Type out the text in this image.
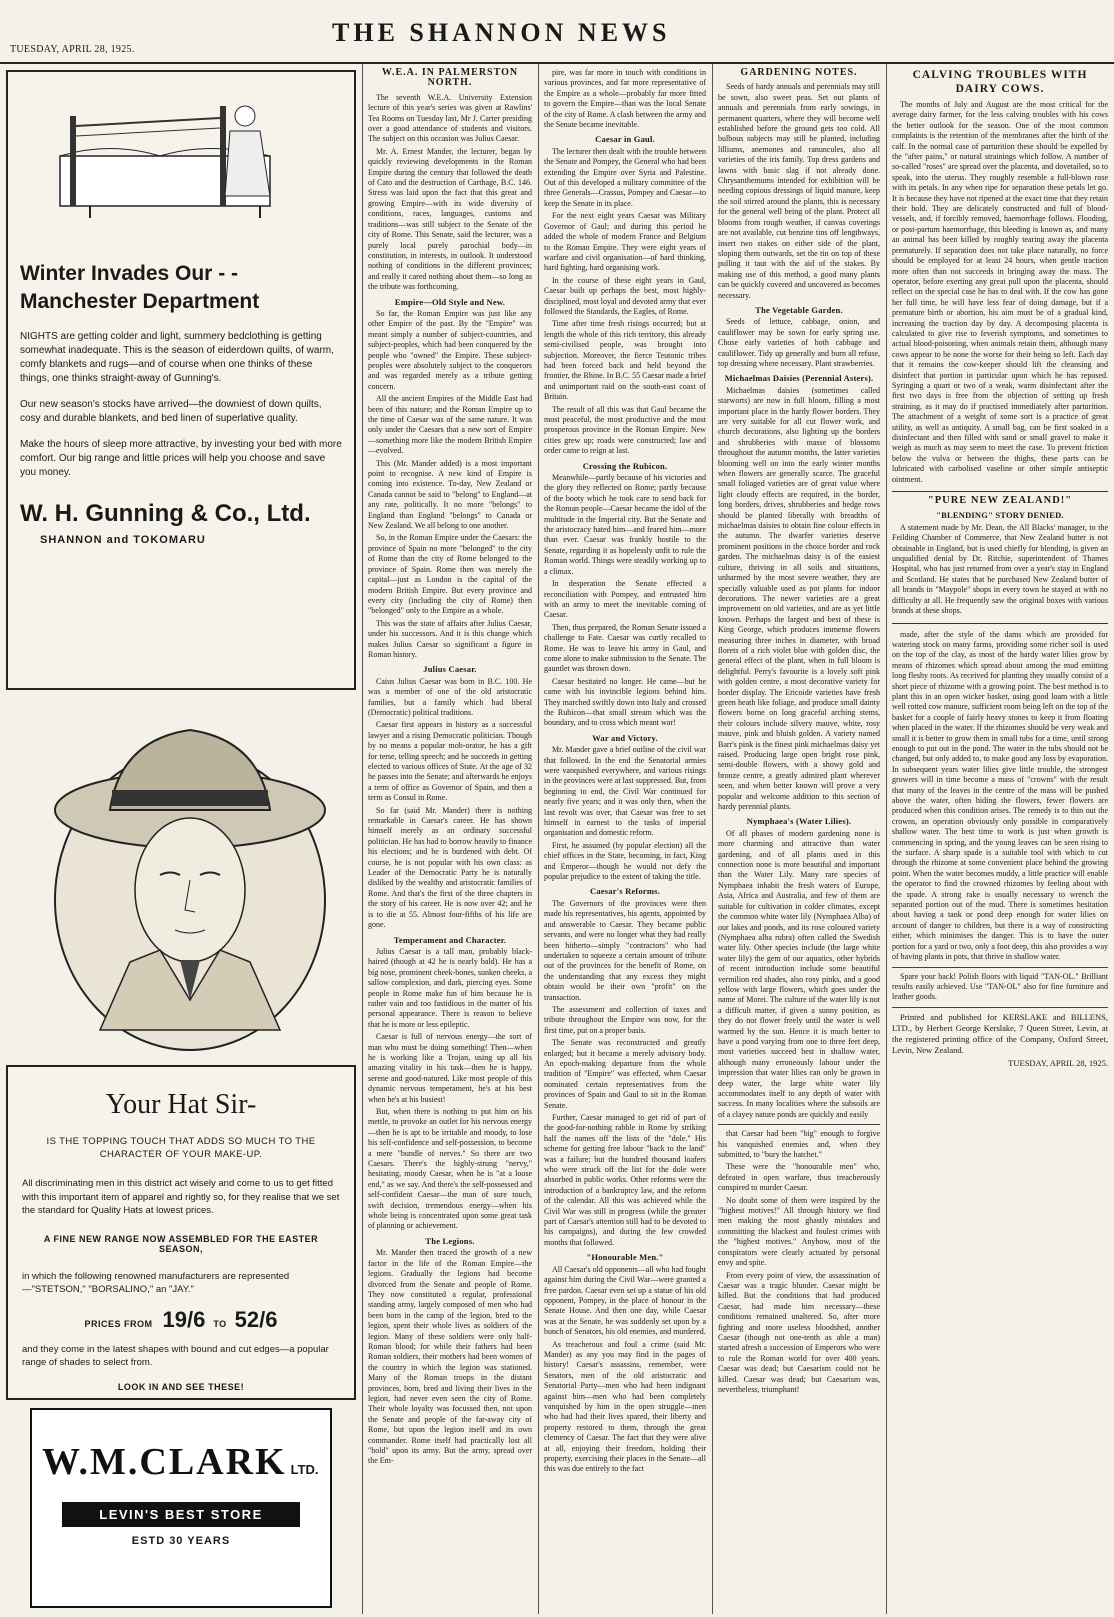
TUESDAY, APRIL 28, 1925.
THE SHANNON NEWS
Winter Invades Our - - Manchester Department
NIGHTS are getting colder and light, summery bedclothing is getting somewhat inadequate. This is the season of eiderdown quilts, of warm, comfy blankets and rugs—and of course when one thinks of these things, one thinks straight-away of Gunning's.
Our new season's stocks have arrived—the downiest of down quilts, cosy and durable blankets, and bed linen of superlative quality.
Make the hours of sleep more attractive, by investing your bed with more comfort. Our big range and little prices will help you choose and save you money.
W. H. Gunning & Co., Ltd.
SHANNON and TOKOMARU
Your Hat Sir-
IS THE TOPPING TOUCH THAT ADDS SO MUCH TO THE CHARACTER OF YOUR MAKE-UP.
All discriminating men in this district act wisely and come to us to get fitted with this important item of apparel and rightly so, for they realise that we set the standard for Quality Hats at lowest prices.
A FINE NEW RANGE NOW ASSEMBLED FOR THE EASTER SEASON,
in which the following renowned manufacturers are represented—"STETSON," "BORSALINO," an "JAY."
PRICES FROM 19/6 TO 52/6
and they come in the latest shapes with bound and cut edges—a popular range of shades to select from.
LOOK IN AND SEE THESE!
W.M.CLARK LTD.
LEVIN'S BEST STORE
ESTD 30 YEARS
W.E.A. IN PALMERSTON NORTH.

The seventh W.E.A. University Extension lecture of this year's series was given at Rawlins' Tea Rooms on Tuesday last, Mr J. Carter presiding over a good attendance of students and visitors. The subject on this occasion was Julius Caesar.

Mr. A. Ernest Mander, the lecturer, began by quickly reviewing developments in the Roman Empire during the century that followed the death of Cato and the destruction of Carthage, B.C. 146. Stress was laid upon the fact that this great and growing Empire—with its wide diversity of conditions, races, languages, customs and traditions—was still subject to the Senate of the city of Rome. This Senate, said the lecturer, was a purely local purely parochial body—in constitution, in interests, in outlook. It understood nothing of conditions in the different provinces; and really it cared nothing about them—so long as the tribute was forthcoming.

Empire—Old Style and New.

So far, the Roman Empire was just like any other Empire of the past. By the "Empire" was meant simply a number of subject-countries, and subject-peoples, which had been conquered by the people who "owned" the Empire. These subject-peoples were absolutely subject to the conquerors and was regarded merely as a tribute getting concern.

All the ancient Empires of the Middle East had been of this nature; and the Roman Empire up to the time of Caesar was of the same nature. It was only under the Caesars that a new sort of Empire—something more like the modern British Empire—evolved.

This (Mr. Mander added) is a most important point to recognise. A new kind of Empire is coming into existence. To-day, New Zealand or Canada cannot be said to "belong" to England—at any rate, politically. It no more "belongs" to England than England "belongs" to Canada or New Zealand. We all belong to one another.

So, in the Roman Empire under the Caesars: the province of Spain no more "belonged" to the city of Rome than the city of Rome belonged to the province of Spain. Rome then was merely the capital—just as London is the capital of the modern British Empire. But every province and every city (including the city of Rome) then "belonged" only to the Empire as a whole.

This was the state of affairs after Julius Caesar, under his successors. And it is this change which makes Julius Caesar so significant a figure in Roman history.

Julius Caesar.

Caius Julius Caesar was born in B.C. 100. He was a member of one of the old aristocratic families, but a family which had liberal (Democratic) political traditions.

Caesar first appears in history as a successful lawyer and a rising Democratic politician. Though by no means a popular mob-orator, he has a gift for terse, telling speech; and he succeeds in getting elected to various offices of State. At the age of 32 he passes into the Senate; and afterwards he enjoys a term of office as Governor of Spain, and then a term as Consul in Rome.

So far (said Mr. Mander) there is nothing remarkable in Caesar's career. He has shown himself merely as an ordinary successful politician. He has had to borrow heavily to finance his elections; and he is burdened with debt. Of course, he is not popular with his own class: as Leader of the Democratic Party he is naturally disliked by the wealthy and aristocratic families of Rome. And that's the first of the three chapters in the story of his career. He is now over 42; and he is to die at 55. Almost four-fifths of his life are gone.

Temperament and Character.

Julius Caesar is a tall man, probably black-haired (though at 42 he is nearly bald). He has a big nose, prominent cheek-bones, sunken cheeks, a sallow complexion, and dark, piercing eyes. Some people in Rome make fun of him because he is rather vain and too fastidious in the matter of his personal appearance. There is reason to believe that he is more or less epileptic.

Caesar is full of nervous energy—the sort of man who must be doing something! Then—when he is working like a Trojan, using up all his amazing vitality in his task—then he is happy, serene and good-natured. Like most people of this dynamic nervous temperament, he's at his best when he's at his busiest!

But, when there is nothing to put him on his mettle, to provoke an outlet for his nervous energy—then he is apt to be irritable and moody, to lose his self-confidence and self-possession, to become a mere "bundle of nerves." So there are two Caesars. There's the highly-strung "nervy," hesitating, moody Caesar, when he is "at a loose end," as we say. And there's the self-possessed and self-confident Caesar—the man of sure touch, swift decision, tremendous energy—when his whole being is concentrated upon some great task of planning or achievement.

The Legions.

Mr. Mander then traced the growth of a new factor in the life of the Roman Empire—the legions. Gradually the legions had become divorced from the Senate and people of Rome. They now constituted a regular, professional standing army, largely composed of men who had been born in the camp of the legion, bred to the legion, spent their whole lives as soldiers of the legion. Many of these soldiers were only half-Roman blood; for while their fathers had been Roman soldiers, their mothers had been women of the country in which the legion was stationed. Many of the Roman troops in the distant provinces, born, bred and living their lives in the legion, had never even seen the city of Rome. Their whole loyalty was focussed then, not upon the Senate and people of the far-away city of Rome, but upon the legion itself and its own commander. Rome itself had practically lost all "hold" upon its army. But the army, spread over the Em-

pire, was far more in touch with conditions in various provinces, and far more representative of the Empire as a whole—probably far more fitted to govern the Empire—than was the local Senate of the city of Rome. A clash between the army and the Senate became inevitable.

Caesar in Gaul.

The lecturer then dealt with the trouble between the Senate and Pompey, the General who had been extending the Empire over Syria and Palestine. Out of this developed a military committee of the three Generals—Crassus, Pompey and Caesar—to keep the Senate in its place.

For the next eight years Caesar was Military Governor of Gaul; and during this period he added the whole of modern France and Belgium to the Roman Empire. They were eight years of warfare and civil organisation—of hard thinking, hard fighting, hard organising work.

In the course of these eight years in Gaul, Caesar built up perhaps the best, most highly-disciplined, most loyal and devoted army that ever followed the Standards, the Eagles, of Rome.

Time after time fresh risings occurred; but at length the whole of this rich territory, this already semi-civilised people, was brought into subjection. Moreover, the fierce Teutonic tribes had been forced back and held beyond the frontier, the Rhine. In B.C. 55 Caesar made a brief and unimportant raid on the south-east coast of Britain.

The result of all this was that Gaul became the most peaceful, the most productive and the most prosperous province in the Roman Empire. New cities grew up; roads were constructed; law and order came to reign at last.

Crossing the Rubicon.

Meanwhile—partly because of his victories and the glory they reflected on Rome; partly because of the booty which he took care to send back for the Roman people—Caesar became the idol of the multitude in the Imperial city. But the Senate and the aristocracy hated him—and feared him—more than ever. Caesar was frankly hostile to the Senate, regarding it as hopelessly unfit to rule the Roman world. Things were steadily working up to a climax.

In desperation the Senate effected a reconciliation with Pompey, and entrusted him with an army to meet the inevitable coming of Caesar.

Then, thus prepared, the Roman Senate issued a challenge to Fate. Caesar was curtly recalled to Rome. He was to leave his army in Gaul, and come alone to make submission to the Senate. The gauntlet was thrown down.

Caesar hesitated no longer. He came—but he came with his invincible legions behind him. They marched swiftly down into Italy and crossed the Rubicon—that small stream which was the boundary, and to cross which meant war!

War and Victory.

Mr. Mander gave a brief outline of the civil war that followed. In the end the Senatorial armies were vanquished everywhere, and various risings in the provinces were at last suppressed. But, from beginning to end, the Civil War continued for nearly five years; and it was only then, when the last revolt was over, that Caesar was free to set himself in earnest to the tasks of imperial organisation and domestic reform.

First, he assumed (by popular election) all the chief offices in the State, becoming, in fact, King and Emperor—though he would not defy the popular prejudice to the extent of taking the title.

Caesar's Reforms.

The Governors of the provinces were then made his representatives, his agents, appointed by and answerable to Caesar. They became public servants, and were no longer what they had really been hitherto—simply "contractors" who had undertaken to squeeze a certain amount of tribute out of the provinces for the benefit of Rome, on the understanding that any excess they might obtain would be their own "profit" on the transaction.

The assessment and collection of taxes and tribute throughout the Empire was now, for the first time, put on a proper basis.

The Senate was reconstructed and greatly enlarged; but it became a merely advisory body. An epoch-making departure from the whole tradition of "Empire" was effected, when Caesar nominated certain representatives from the provinces of Spain and Gaul to sit in the Roman Senate.

Further, Caesar managed to get rid of part of the good-for-nothing rabble in Rome by striking half the names off the lists of the "dole." His scheme for getting free labour "back to the land" was a failure; but the hundred thousand loafers who were struck off the list for the dole were absorbed in public works. Other reforms were the introduction of a bankruptcy law, and the reform of the calendar. All this was achieved while the Civil War was still in progress (while the greater part of Caesar's attention still had to be devoted to his campaigns), and during the few crowded months that followed.

"Honourable Men."

All Caesar's old opponents—all who had fought against him during the Civil War—were granted a free pardon. Caesar even set up a statue of his old opponent, Pompey, in the place of honour in the Senate House. And then one day, while Caesar was at the Senate, he was suddenly set upon by a bunch of Senators, his old enemies, and murdered.

As treacherous and foul a crime (said Mr. Mander) as any you may find in the pages of history! Caesar's assassins, remember, were Senators, men of the old aristocratic and Senatorial Party—men who had been indignant against him—men who had been completely vanquished by him in the open struggle—men who had had their lives spared, their liberty and property restored to them, through the great clemency of Caesar. The fact that they were alive at all, enjoying their freedom, holding their property, exercising their places in the Senate—all this was due entirely to the fact

GARDENING NOTES.

Seeds of hardy annuals and perennials may still be sown, also sweet peas. Set out plants of annuals and perennials from early sowings, in permanent quarters, where they will become well established before the ground gets too cold. All bulbous subjects may still be planted, including lilliums, anemones and ranuncules, also all varieties of the iris family. Top dress gardens and lawns with basic slag if not already done. Chrysanthemums intended for exhibition will be needing copious dressings of liquid manure, keep the soil stirred around the plants, this is necessary for the general well being of the plant. Protect all blooms from rough weather, if canvas coverings are not available, cut benzine tins off lengthways, insert two stakes on either side of the plant, sloping them outwards, set the tin on top of these pulling it taut with the aid of the stakes. By making use of this method, a good many plants can be quickly covered and uncovered as becomes necessary.

The Vegetable Garden.

Seeds of lettuce, cabbage, onion, and cauliflower may be sown for early spring use. Chose early varieties of both cabbage and cauliflower. Tidy up generally and burn all refuse, top dressing where necessary. Plant strawberries.

Michaelmas Daisies (Perennial Asters).

Michaelmas daisies (sometimes called starworts) are now in full bloom, filling a most important place in the hardy flower borders. They are very suitable for all cut flower work, and church decorations, also lighting up the borders and shrubberies with masse of blossoms throughout the autumn months, the latter varieties blooming well on into the early winter months when flowers are generally scarce. The graceful small foliaged varieties are of great value where light cloudy effects are required, in the border, long borders, drives, shrubberies and hedge rows should be planted liberally with breadths of michaelmas daisies to obtain fine colour effects in the autumn. The dwarfer varieties deserve prominent positions in the choice border and rock garden. The michaelmas daisy is of the easiest culture, thriving in all soils and situations, unharmed by the most severe weather, they are specially valuable used as pot plants for indoor decorations. The newer varieties are a great improvement on old varieties, and are as yet little known. Perhaps the largest and best of these is King George, which produces immense flowers measuring three inches in diameter, with broad florets of a rich violet blue with golden disc, the general effect of the plant, when in full bloom is delightful. Perry's favourite is a lovely soft pink with golden centre, a most decorative variety for border display. The Ericoide varieties have fresh green heath like foliage, and produce small dainty flowers borne on long graceful arching stems, their colours include silvery mauve, white, rosy mauve, pink and bluish golden. A variety named Barr's pink is the finest pink michaelmas daisy yet raised. Producing large open bright rose pink, semi-double flowers, with a showy gold and bronze centre, a greatly admired plant wherever seen, and when better known will prove a very popular and welcome addition to this section of hardy perennial plants.

Nymphaea's (Water Lilies).

Of all phases of modern gardening none is more charming and attractive than water gardening, and of all plants used in this connection none is more beautiful and important than the Water Lily. Many rare species of Nymphaea inhabit the fresh waters of Europe, Asia, Africa and Australia, and few of them are suitable for cultivation in colder climates, except the common white water lily (Nymphaea Alba) of our lakes and ponds, and its rose coloured variety (Nymphaea alba rubra) often called the Swedish water lily. Other species include (the large white water lily) the gem of our aquatics, other hybrids of recent introduction include some beautiful vermilion red shades, also rosy pinks, and a good yellow with large flowers, which goes under the name of Morei. The culture of the water lily is not a difficult matter, if given a sunny position, as they do not flower freely until the water is well warmed by the sun. Hence it is much better to have a pond varying from one to three feet deep, most varieties succeed best in shallow water, although many erroneously labour under the impression that water lilies can only be grown in deep water, the large white water lily accommodates itself to any depth of water with success. In many localities where the subsoils are of a clayey nature ponds are quickly and easily

that Caesar had been "big" enough to forgive his vanquished enemies and, when they submitted, to "bury the hatchet."

These were the "honourable men" who, defeated in open warfare, thus treacherously conspired to murder Caesar.

No doubt some of them were inspired by the "highest motives!" All through history we find men making the most ghastly mistakes and committing the blackest and foulest crimes with the "highest motives." Anyhow, most of the conspirators were clearly actuated by personal envy and spite.

From every point of view, the assassination of Caesar was a tragic blunder. Caesar might be killed. But the conditions that had produced Caesar, had made him necessary—these conditions remained unaltered. So, after more fighting and more useless bloodshed, another Caesar (though not one-tenth as able a man) started afresh a succession of Emperors who were to rule the Roman world for over 400 years. Caesar was dead; but Caesarism could not be killed. Caesar was dead; but Caesarism was, nevertheless, triumphant!

CALVING TROUBLES WITH DAIRY COWS.

The months of July and August are the most critical for the average dairy farmer, for the less calving troubles with his cows the better outlook for the season. One of the most common complaints is the retention of the membranes after the birth of the calf. In the normal case of parturition these should be expelled by the "after pains," or natural strainings which follow. A number of so-called "roses" are spread over the placenta, and dovetailed, so to speak, into the uterus. They roughly resemble a full-blown rose with its petals. In any when ripe for separation these petals let go. It is because they have not ripened at the exact time that they retain their hold. They are delicately constructed and full of blood-vessels, and, if forcibly removed, haemorrhage follows. Flooding, or post-partum haemorrhage, this bleeding is known as, and many an animal has been killed by roughly tearing away the placenta prematurely. If separation does not take place naturally, no force should be employed for at least 24 hours, when gentle traction more often than not succeeds in bringing away the mass. The operator, before exerting any great pull upon the placenta, should reflect on the special case he has to deal with. If the cow has gone her full time, he will have less fear of doing damage, but if a premature birth or abortion, his aim must be of a gradual kind, increasing the traction day by day. A decomposing placenta is calculated to give rise to feverish symptoms, and sometimes to actual blood-poisoning, when animals retain them, although many cows appear to be none the worse for their being so left. Each day that it remains the cow-keeper should lift the cleansing and disinfect that portion in particular upon which he has reposed. Syringing a quart or two of a weak, warm disinfectant after the first two days is free from the objection of setting up fresh straining, as it may do if practised immediately after parturition. The attachment of a weight of some sort is a practice of great utility, as well as antiquity. A small bag, can be first soaked in a disinfectant and then filled with sand or small gravel to make it weigh as much as may seem to meet the case. To prevent friction below the vulva or between the thighs, these parts can be lubricated with carbolised vaseline or other simple antiseptic ointment.

"PURE NEW ZEALAND!"
"BLENDING" STORY DENIED.

A statement made by Mr. Dean, the All Blacks' manager, to the Feilding Chamber of Commerce, that New Zealand butter is not obtainable in England, but is used chiefly for blending, is given an unqualified denial by Dr. Ritchie, superintendent of Thames Hospital, who has just returned from over a year's stay in England and Scotland. He states that he purchased New Zealand butter of all brands in "Maypole" shops in every town he stayed at with no difficulty at all. He frequently saw the original boxes with various brands at these shops.

made, after the style of the dams which are provided for watering stock on many farms, providing some richer soil is used on the top of the clay, as most of the hardy water lilies grow by means of rhizomes which spread about among the mud emitting long fleshy roots. As received for planting they usually consist of a short piece of rhizome with a growing point. The best method is to plant this in an open wicker basket, using good loam with a little well rotted cow manure, sufficient room being left on the top of the basket for a couple of fairly heavy stones to keep it from floating when placed in the water. If the rhizomes should be very weak and small it is better to grow them in small tubs for a time, until strong enough to put out in the pond. The water in the tubs should not be changed, but only added to, to make good any loss by evaporation. In subsequent years water lilies give little trouble, the strongest growers will in time become a mass of "crowns" with the result that many of the leaves in the centre of the mass will be pushed above the water, often hiding the flowers, fewer flowers are produced when this condition arises. The remedy is to thin out the crowns, an operation obviously only possible in comparatively shallow water. The best time to work is just when growth is commencing in spring, and the young leaves can be seen rising to the surface. A sharp spade is a suitable tool with which to cut through the rhizome at some convenient place behind the growing point. When the water becomes muddy, a little practice will enable the operator to find the crowned rhizomes by feeling about with the spade. A strong rake is usually necessary to wrench the separated portion out of the mud. There is sometimes hesitation about having a tank or pond deep enough for water lilies on account of danger to children, but there is a way of constructing either, which minimises the danger. This is to have the outer portion for a yard or two, only a foot deep, this also provides a way of having plants in pots, that thrive in shallow water.

Spare your back! Polish floors with liquid "TAN-OL." Brilliant results easily achieved. Use "TAN-OL" also for fine furniture and leather goods.

Printed and published for KERSLAKE and BILLENS, LTD., by Herbert George Kerslake, 7 Queen Street, Levin, at the registered printing office of the Company, Oxford Street, Levin, New Zealand.

TUESDAY, APRIL 28, 1925.
